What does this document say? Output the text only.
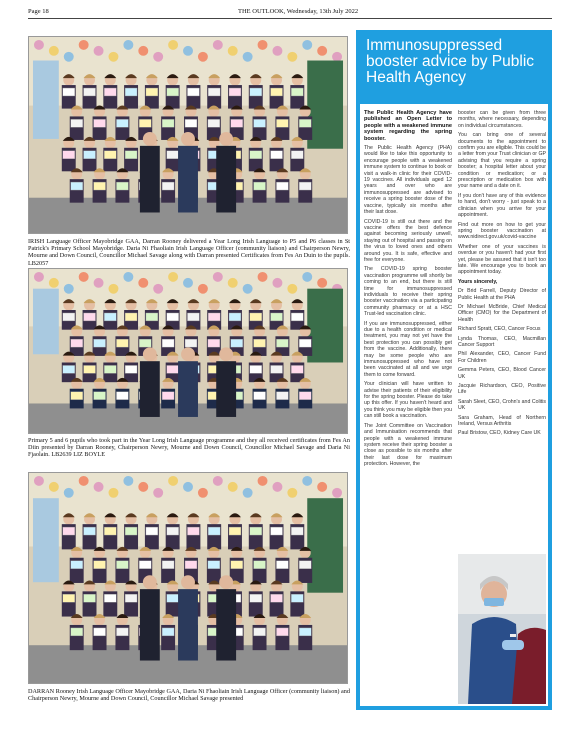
Page 18	THE OUTLOOK, Wednesday, 13th July 2022
IRISH Language Officer Mayobridge GAA, Darran Rooney delivered a Year Long Irish Language to P5 and P6 classes in St Patrick's Primary School Mayobridge. Daria Ni Fhaoliain Irish Language Officer (community liaison) and Chairperson Newry, Mourne and Down Council, Councillor Michael Savage along with Darran presented Certificates from Fes An Duin to the pupils. LB2057
Primary 5 and 6 pupils who took part in the Year Long Irish Language programme and they all received certificates from Fes An Diin presented by Darran Rooney, Chairperson Newry, Mourne and Down Council, Councillor Michael Savage and Daria Ni Fjaolain. LB2639 LIZ BOYLE
DARRAN Rooney Irish Language Officer Mayobridge GAA, Daria Ni Fhaoliain Irish Language Officer (community liaison) and Chairperson Newry, Mourne and Down Council, Councillor Michael Savage presented
Immunosuppressed booster advice by Public Health Agency

The Public Health Agency have published an Open Letter to people with a weakened immune system regarding the spring booster.

The Public Health Agency (PHA) would like to take this opportunity to encourage people with a weakened immune system to continue to book or visit a walk-in clinic for their COVID-19 vaccines. All individuals aged 12 years and over who are immunosuppressed are advised to receive a spring booster dose of the vaccine, typically six months after their last dose.

COVID-19 is still out there and the vaccine offers the best defence against becoming seriously unwell, staying out of hospital and passing on the virus to loved ones and others around you. It is safe, effective and free for everyone.

The COVID-19 spring booster vaccination programme will shortly be coming to an end, but there is still time for immunosuppressed individuals to receive their spring booster vaccination via a participating community pharmacy or at a HSC Trust-led vaccination clinic.

If you are immunosuppressed, either due to a health condition or medical treatment, you may not yet have the best protection you can possibly get from the vaccine. Additionally, there may be some people who are immunosuppressed who have not been vaccinated at all and we urge them to come forward.

Your clinician will have written to advise their patients of their eligibility for the spring booster. Please do take up this offer. If you haven't heard and you think you may be eligible then you can still book a vaccination.

The Joint Committee on Vaccination and Immunisation recommends that people with a weakened immune system receive their spring booster a close as possible to six months after their last dose for maximum protection. However, the

booster can be given from three months, where necessary, depending on individual circumstances.

You can bring one of several documents to the appointment to confirm you are eligible. This could be a letter from your Trust clinician or GP advising that you require a spring booster; a hospital letter about your condition or medication; or a prescription or medication box with your name and a date on it.

If you don't have any of this evidence to hand, don't worry - just speak to a clinician when you arrive for your appointment.

Find out more on how to get your spring booster vaccination at www.nidirect.gov.uk/covid-vaccine

Whether one of your vaccines is overdue or you haven't had your first yet, please be assured that it isn't too late. We encourage you to book an appointment today.

Yours sincerely,

Dr Brid Farrell, Deputy Director of Public Health at the PHA

Dr Michael McBride, Chief Medical Officer (CMO) for the Department of Health

Richard Spratt, CEO, Cancer Focus

Lynda Thomas, CEO, Macmillan Cancer Support

Phil Alexander, CEO, Cancer Fund For Children

Gemma Peters, CEO, Blood Cancer UK

Jacquie Richardson, CEO, Positive Life

Sarah Sleet, CEO, Crohn's and Colitis UK

Sara Graham, Head of Northern Ireland, Versus Arthritis

Paul Bristow, CEO, Kidney Care UK
